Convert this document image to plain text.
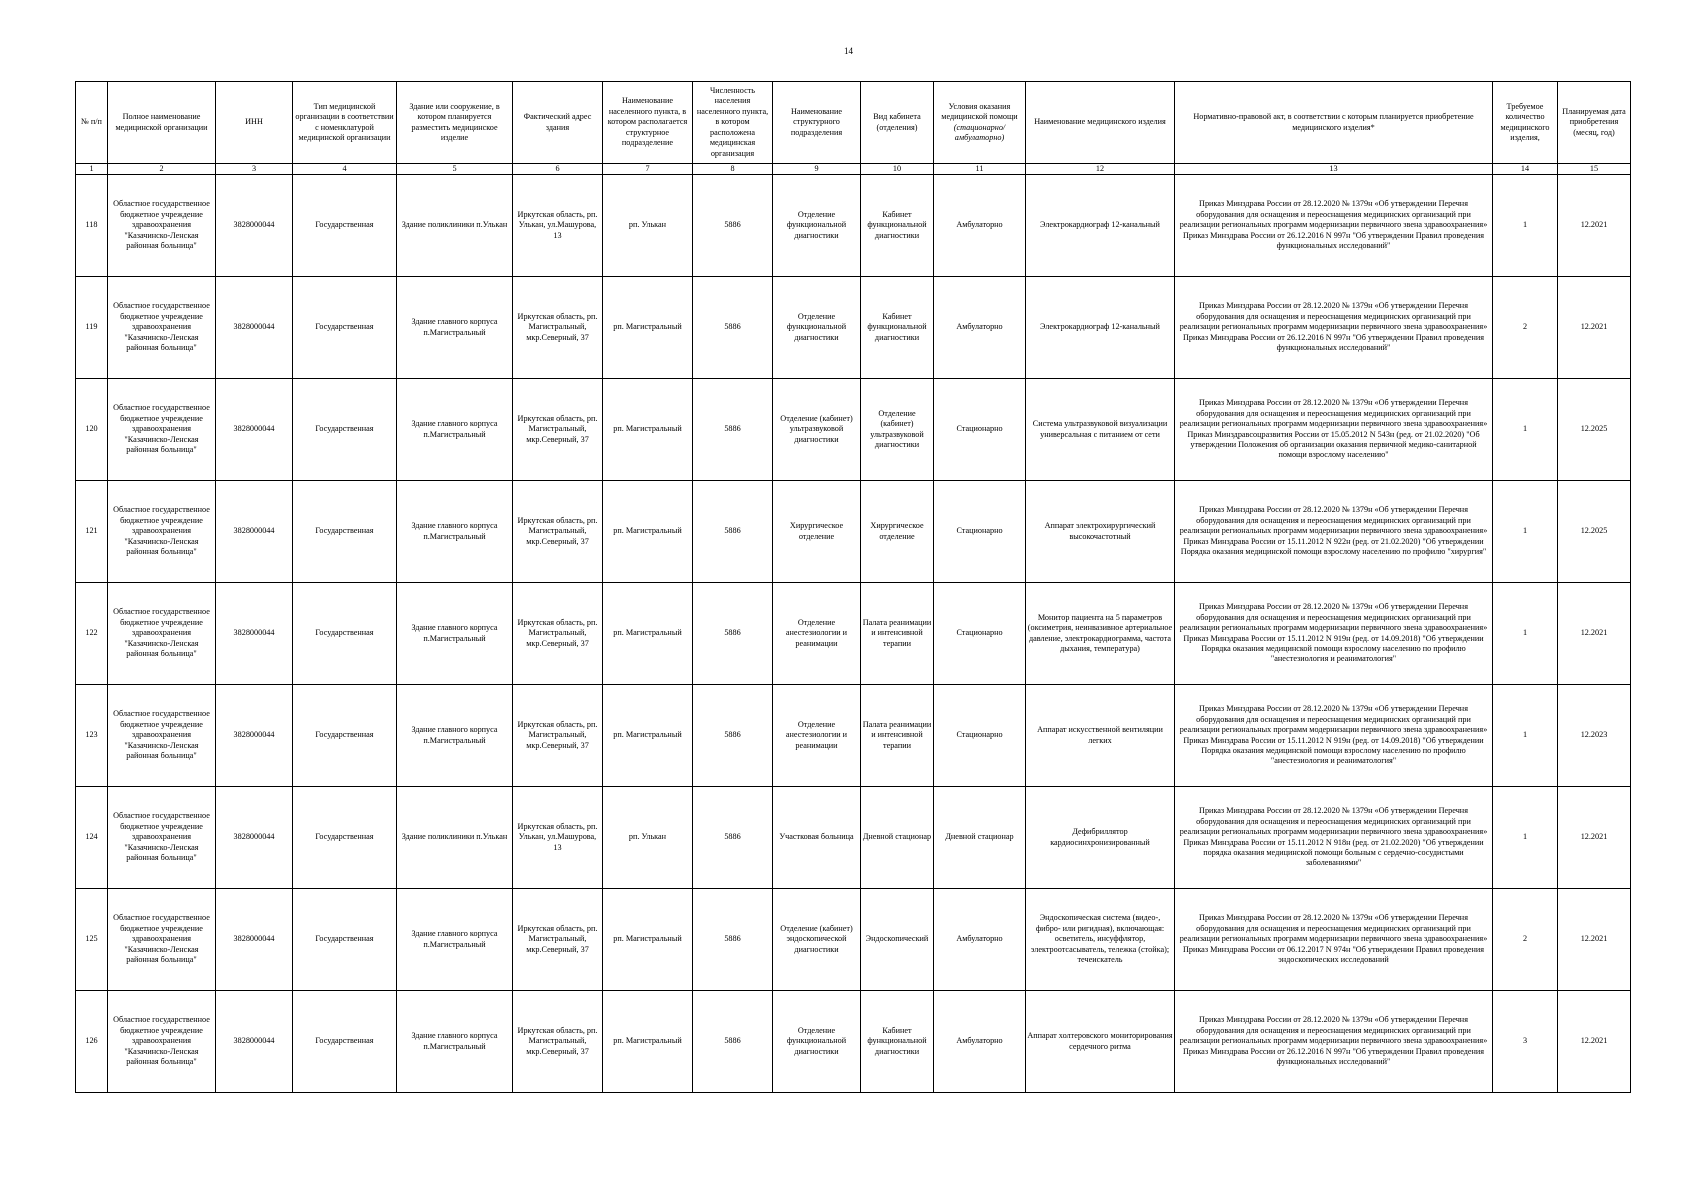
14
№ п/п	Полное наименование медицинской организации	ИНН	Тип медицинской организации в соответствии с номенклатурой медицинской организации	Здание или сооружение, в котором планируется разместить медицинское изделие	Фактический адрес здания	Наименование населенного пункта, в котором располагается структурное подразделение	Численность населения населенного пункта, в котором расположена медицинская организация	Наименование структурного подразделения	Вид кабинета (отделения)	Условия оказания медицинской помощи (стационарно/амбулаторно)	Наименование медицинского изделия	Нормативно-правовой акт, в соответствии с которым планируется приобретение медицинского изделия*	Требуемое количество медицинского изделия,	Планируемая дата приобретения (месяц, год)
1	2	3	4	5	6	7	8	9	10	11	12	13	14	15
118	Областное государственное бюджетное учреждение здравоохранения "Казачинско-Ленская районная больница"	3828000044	Государственная	Здание поликлиники п.Улькан	Иркутская область, рп. Улькан, ул.Машурова, 13	рп. Улькан	5886	Отделение функциональной диагностики	Кабинет функциональной диагностики	Амбулаторно	Электрокардиограф 12-канальный	Приказ Минздрава России от 28.12.2020 № 1379н «Об утверждении Перечня оборудования для оснащения и переоснащения медицинских организаций при реализации региональных программ модернизации первичного звена здравоохранения» Приказ Минздрава России от 26.12.2016 N 997н "Об утверждении Правил проведения функциональных исследований"	1	12.2021
119	Областное государственное бюджетное учреждение здравоохранения "Казачинско-Ленская районная больница"	3828000044	Государственная	Здание главного корпуса п.Магистральный	Иркутская область, рп. Магистральный, мкр.Северный, 37	рп. Магистральный	5886	Отделение функциональной диагностики	Кабинет функциональной диагностики	Амбулаторно	Электрокардиограф 12-канальный	Приказ Минздрава России от 28.12.2020 № 1379н «Об утверждении Перечня оборудования для оснащения и переоснащения медицинских организаций при реализации региональных программ модернизации первичного звена здравоохранения» Приказ Минздрава России от 26.12.2016 N 997н "Об утверждении Правил проведения функциональных исследований"	2	12.2021
120	Областное государственное бюджетное учреждение здравоохранения "Казачинско-Ленская районная больница"	3828000044	Государственная	Здание главного корпуса п.Магистральный	Иркутская область, рп. Магистральный, мкр.Северный, 37	рп. Магистральный	5886	Отделение (кабинет) ультразвуковой диагностики	Отделение (кабинет) ультразвуковой диагностики	Стационарно	Система ультразвуковой визуализации универсальная с питанием от сети	Приказ Минздрава России от 28.12.2020 № 1379н «Об утверждении Перечня оборудования для оснащения и переоснащения медицинских организаций при реализации региональных программ модернизации первичного звена здравоохранения» Приказ Минздравсоцразвития России от 15.05.2012 N 543н (ред. от 21.02.2020) "Об утверждении Положения об организации оказания первичной медико-санитарной помощи взрослому населению"	1	12.2025
121	Областное государственное бюджетное учреждение здравоохранения "Казачинско-Ленская районная больница"	3828000044	Государственная	Здание главного корпуса п.Магистральный	Иркутская область, рп. Магистральный, мкр.Северный, 37	рп. Магистральный	5886	Хирургическое отделение	Хирургическое отделение	Стационарно	Аппарат электрохирургический высокочастотный	Приказ Минздрава России от 28.12.2020 № 1379н «Об утверждении Перечня оборудования для оснащения и переоснащения медицинских организаций при реализации региональных программ модернизации первичного звена здравоохранения» Приказ Минздрава России от 15.11.2012 N 922н (ред. от 21.02.2020) "Об утверждении Порядка оказания медицинской помощи взрослому населению по профилю "хирургия"	1	12.2025
122	Областное государственное бюджетное учреждение здравоохранения "Казачинско-Ленская районная больница"	3828000044	Государственная	Здание главного корпуса п.Магистральный	Иркутская область, рп. Магистральный, мкр.Северный, 37	рп. Магистральный	5886	Отделение анестезиологии и реанимации	Палата реанимации и интенсивной терапии	Стационарно	Монитор пациента на 5 параметров (оксиметрия, неинвазивное артериальное давление, электрокардиограмма, частота дыхания, температура)	Приказ Минздрава России от 28.12.2020 № 1379н «Об утверждении Перечня оборудования для оснащения и переоснащения медицинских организаций при реализации региональных программ модернизации первичного звена здравоохранения» Приказ Минздрава России от 15.11.2012 N 919н (ред. от 14.09.2018) "Об утверждении Порядка оказания медицинской помощи взрослому населению по профилю "анестезиология и реаниматология"	1	12.2021
123	Областное государственное бюджетное учреждение здравоохранения "Казачинско-Ленская районная больница"	3828000044	Государственная	Здание главного корпуса п.Магистральный	Иркутская область, рп. Магистральный, мкр.Северный, 37	рп. Магистральный	5886	Отделение анестезиологии и реанимации	Палата реанимации и интенсивной терапии	Стационарно	Аппарат искусственной вентиляции легких	Приказ Минздрава России от 28.12.2020 № 1379н «Об утверждении Перечня оборудования для оснащения и переоснащения медицинских организаций при реализации региональных программ модернизации первичного звена здравоохранения» Приказ Минздрава России от 15.11.2012 N 919н (ред. от 14.09.2018) "Об утверждении Порядка оказания медицинской помощи взрослому населению по профилю "анестезиология и реаниматология"	1	12.2023
124	Областное государственное бюджетное учреждение здравоохранения "Казачинско-Ленская районная больница"	3828000044	Государственная	Здание поликлиники п.Улькан	Иркутская область, рп. Улькан, ул.Машурова, 13	рп. Улькан	5886	Участковая больница	Дневной стационар	Дневной стационар	Дефибриллятор кардиосинхронизированный	Приказ Минздрава России от 28.12.2020 № 1379н «Об утверждении Перечня оборудования для оснащения и переоснащения медицинских организаций при реализации региональных программ модернизации первичного звена здравоохранения» Приказ Минздрава России от 15.11.2012 N 918н (ред. от 21.02.2020) "Об утверждении порядка оказания медицинской помощи больным с сердечно-сосудистыми заболеваниями"	1	12.2021
125	Областное государственное бюджетное учреждение здравоохранения "Казачинско-Ленская районная больница"	3828000044	Государственная	Здание главного корпуса п.Магистральный	Иркутская область, рп. Магистральный, мкр.Северный, 37	рп. Магистральный	5886	Отделение (кабинет) эндоскопической диагностики	Эндоскопический	Амбулаторно	Эндоскопическая система (видео-, фибро- или ригидная), включающая: осветитель, инсуффлятор, электроотсасыватель, тележка (стойка); течеискатель	Приказ Минздрава России от 28.12.2020 № 1379н «Об утверждении Перечня оборудования для оснащения и переоснащения медицинских организаций при реализации региональных программ модернизации первичного звена здравоохранения» Приказ Минздрава России от 06.12.2017 N 974н "Об утверждении Правил проведения эндоскопических исследований	2	12.2021
126	Областное государственное бюджетное учреждение здравоохранения "Казачинско-Ленская районная больница"	3828000044	Государственная	Здание главного корпуса п.Магистральный	Иркутская область, рп. Магистральный, мкр.Северный, 37	рп. Магистральный	5886	Отделение функциональной диагностики	Кабинет функциональной диагностики	Амбулаторно	Аппарат холтеровского мониторирования сердечного ритма	Приказ Минздрава России от 28.12.2020 № 1379н «Об утверждении Перечня оборудования для оснащения и переоснащения медицинских организаций при реализации региональных программ модернизации первичного звена здравоохранения» Приказ Минздрава России от 26.12.2016 N 997н "Об утверждении Правил проведения функциональных исследований"	3	12.2021
